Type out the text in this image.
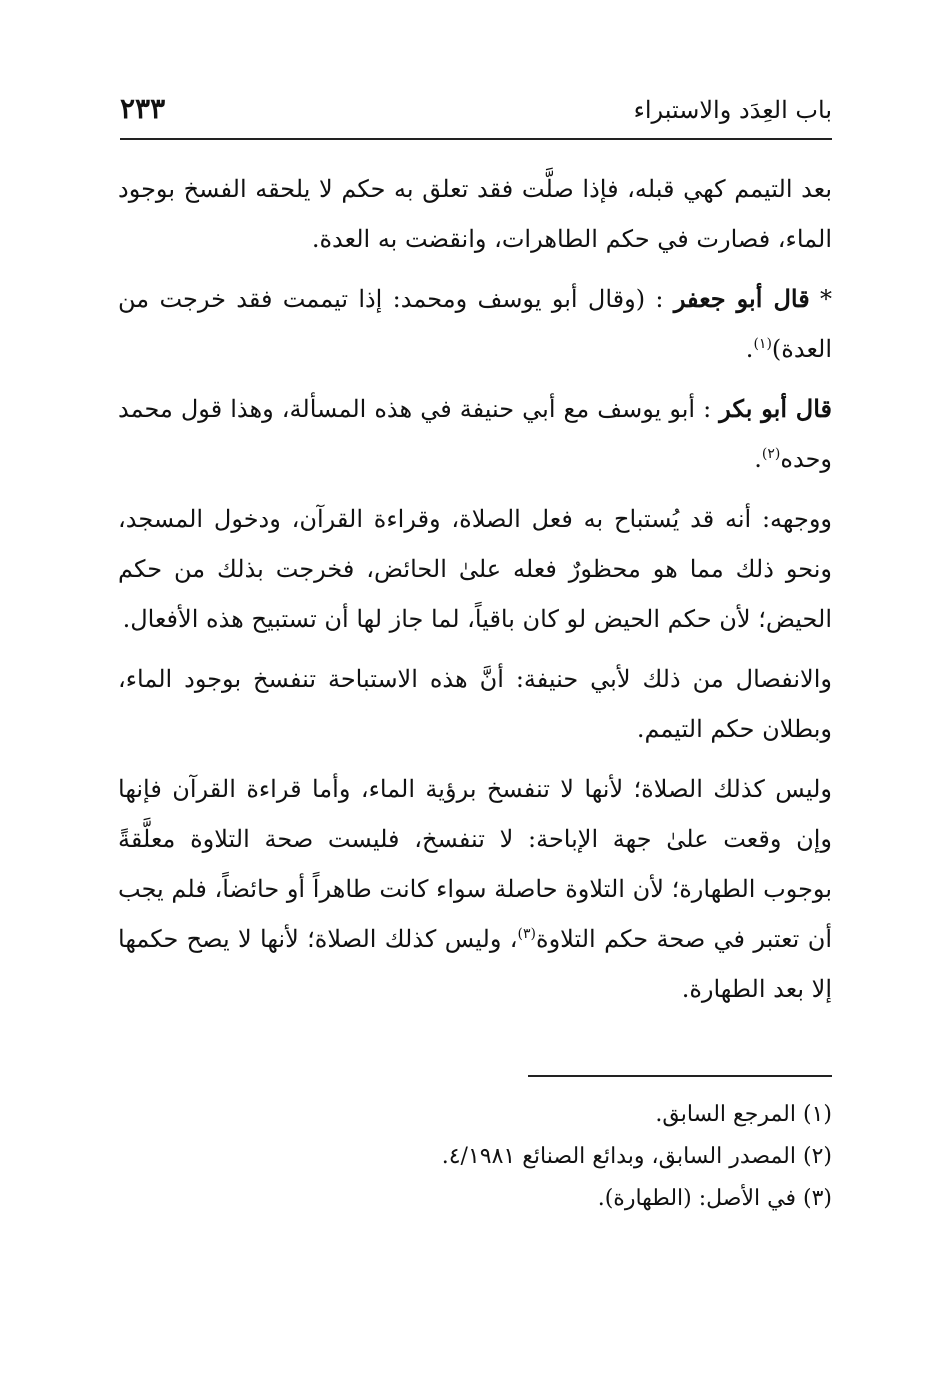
باب العِدَد والاستبراء
٢٣٣

بعد التيمم كهي قبله، فإذا صلَّت فقد تعلق به حكم لا يلحقه الفسخ بوجود الماء، فصارت في حكم الطاهرات، وانقضت به العدة.

* قال أبو جعفر : (وقال أبو يوسف ومحمد: إذا تيممت فقد خرجت من العدة)$^{(١)}$.

قال أبو بكر : أبو يوسف مع أبي حنيفة في هذه المسألة، وهذا قول محمد وحده$^{(٢)}$.

ووجهه: أنه قد يُستباح به فعل الصلاة، وقراءة القرآن، ودخول المسجد، ونحو ذلك مما هو محظورٌ فعله علىٰ الحائض، فخرجت بذلك من حكم الحيض؛ لأن حكم الحيض لو كان باقياً، لما جاز لها أن تستبيح هذه الأفعال.

والانفصال من ذلك لأبي حنيفة: أنَّ هذه الاستباحة تنفسخ بوجود الماء، وبطلان حكم التيمم.

وليس كذلك الصلاة؛ لأنها لا تنفسخ برؤية الماء، وأما قراءة القرآن فإنها وإن وقعت علىٰ جهة الإباحة: لا تنفسخ، فليست صحة التلاوة معلَّقةً بوجوب الطهارة؛ لأن التلاوة حاصلة سواء كانت طاهراً أو حائضاً، فلم يجب أن تعتبر في صحة حكم التلاوة$^{(٣)}$، وليس كذلك الصلاة؛ لأنها لا يصح حكمها إلا بعد الطهارة.

(١) المرجع السابق.

(٢) المصدر السابق، وبدائع الصنائع ٤/١٩٨١.

(٣) في الأصل: (الطهارة).
